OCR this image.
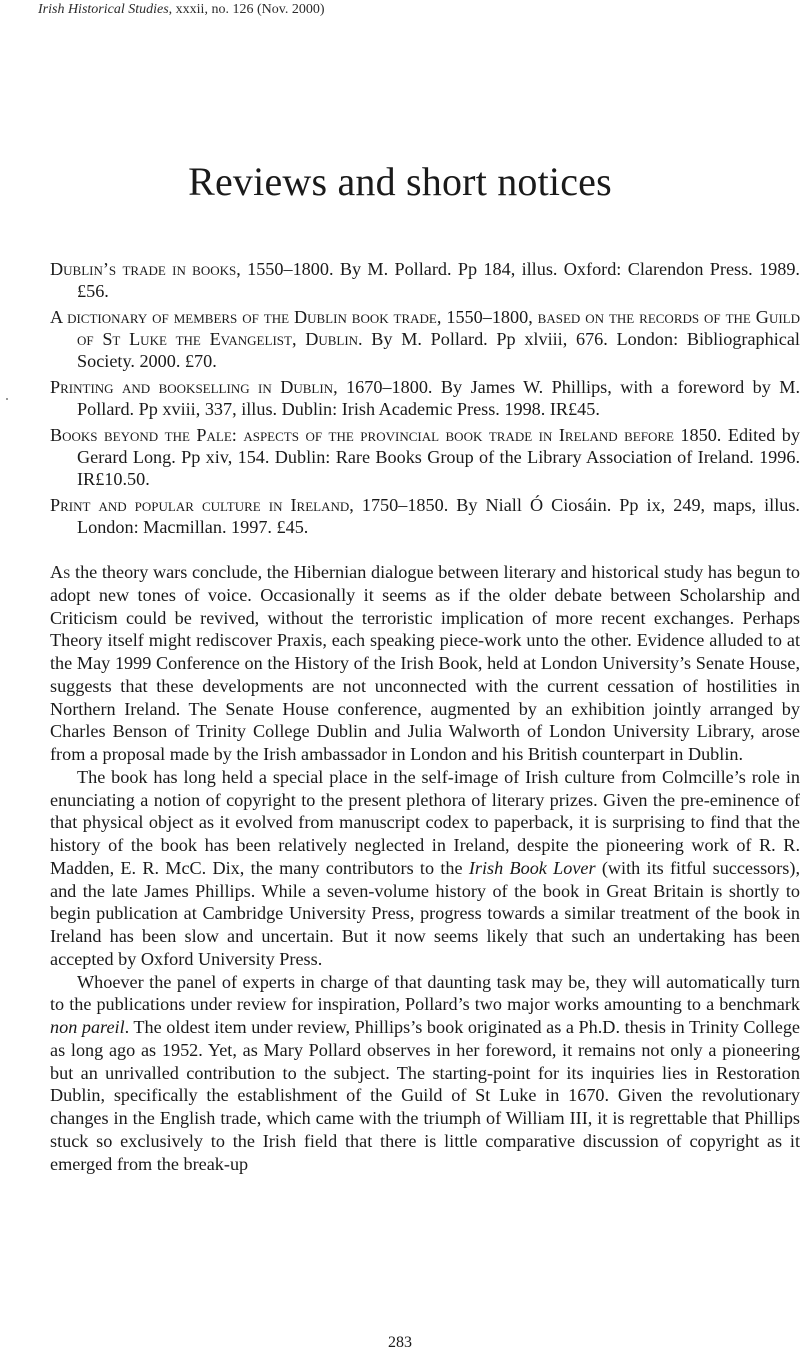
Irish Historical Studies, xxxii, no. 126 (Nov. 2000)
Reviews and short notices

Dublin’s trade in books, 1550–1800. By M. Pollard. Pp 184, illus. Oxford: Clarendon Press. 1989. £56.

A dictionary of members of the Dublin book trade, 1550–1800, based on the records of the Guild of St Luke the Evangelist, Dublin. By M. Pollard. Pp xlviii, 676. London: Bibliographical Society. 2000. £70.

Printing and bookselling in Dublin, 1670–1800. By James W. Phillips, with a foreword by M. Pollard. Pp xviii, 337, illus. Dublin: Irish Academic Press. 1998. IR£45.

Books beyond the Pale: aspects of the provincial book trade in Ireland before 1850. Edited by Gerard Long. Pp xiv, 154. Dublin: Rare Books Group of the Library Association of Ireland. 1996. IR£10.50.

Print and popular culture in Ireland, 1750–1850. By Niall Ó Ciosáin. Pp ix, 249, maps, illus. London: Macmillan. 1997. £45.

As the theory wars conclude, the Hibernian dialogue between literary and historical study has begun to adopt new tones of voice. Occasionally it seems as if the older debate between Scholarship and Criticism could be revived, without the terroristic implication of more recent exchanges. Perhaps Theory itself might rediscover Praxis, each speaking piece-work unto the other. Evidence alluded to at the May 1999 Conference on the History of the Irish Book, held at London University’s Senate House, suggests that these developments are not unconnected with the current cessation of hostilities in Northern Ireland. The Senate House conference, augmented by an exhibition jointly arranged by Charles Benson of Trinity College Dublin and Julia Walworth of London University Library, arose from a proposal made by the Irish ambassador in London and his British counterpart in Dublin.

The book has long held a special place in the self-image of Irish culture from Colmcille’s role in enunciating a notion of copyright to the present plethora of literary prizes. Given the pre-eminence of that physical object as it evolved from manuscript codex to paperback, it is surprising to find that the history of the book has been relatively neglected in Ireland, despite the pioneering work of R. R. Madden, E. R. McC. Dix, the many contributors to the Irish Book Lover (with its fitful successors), and the late James Phillips. While a seven-volume history of the book in Great Britain is shortly to begin publication at Cambridge University Press, progress towards a similar treatment of the book in Ireland has been slow and uncertain. But it now seems likely that such an undertaking has been accepted by Oxford University Press.

Whoever the panel of experts in charge of that daunting task may be, they will automatically turn to the publications under review for inspiration, Pollard’s two major works amounting to a benchmark non pareil. The oldest item under review, Phillips’s book originated as a Ph.D. thesis in Trinity College as long ago as 1952. Yet, as Mary Pollard observes in her foreword, it remains not only a pioneering but an unrivalled contribution to the subject. The starting-point for its inquiries lies in Restoration Dublin, specifically the establishment of the Guild of St Luke in 1670. Given the revolutionary changes in the English trade, which came with the triumph of William III, it is regrettable that Phillips stuck so exclusively to the Irish field that there is little comparative discussion of copyright as it emerged from the break-up

283
